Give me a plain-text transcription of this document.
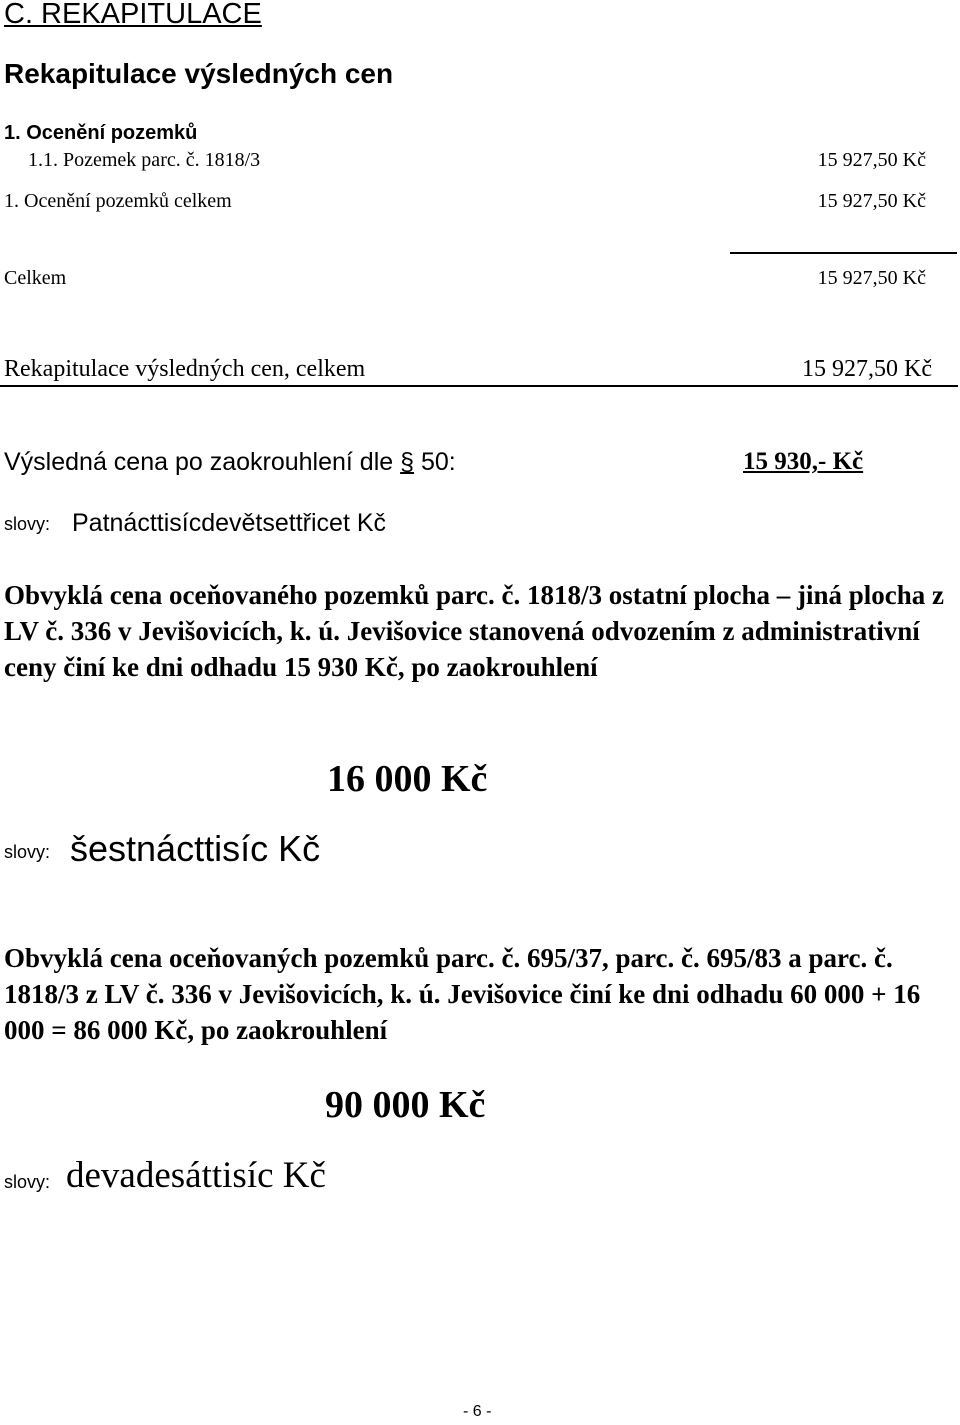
C. REKAPITULACE
Rekapitulace výsledných cen
1. Ocenění pozemků
1.1. Pozemek parc. č. 1818/3	15 927,50 Kč
1. Ocenění pozemků celkem	15 927,50 Kč
Celkem	15 927,50 Kč
Rekapitulace výsledných cen, celkem	15 927,50 Kč
Výsledná cena po zaokrouhlení dle § 50:	15 930,- Kč
slovy: Patnácttisícdevětsettřicet Kč
Obvyklá cena oceňovaného pozemků parc. č. 1818/3 ostatní plocha – jiná plocha z LV č. 336 v Jevišovicích, k. ú. Jevišovice stanovená odvozením z administrativní ceny činí ke dni odhadu 15 930 Kč, po zaokrouhlení
16 000 Kč
slovy: šestnácttisíc Kč
Obvyklá cena oceňovaných pozemků parc. č. 695/37, parc. č. 695/83 a parc. č. 1818/3 z LV č. 336 v Jevišovicích, k. ú. Jevišovice činí ke dni odhadu 60 000 + 16 000 = 86 000 Kč, po zaokrouhlení
90 000 Kč
slovy: devadesáttisíc Kč
- 6 -
